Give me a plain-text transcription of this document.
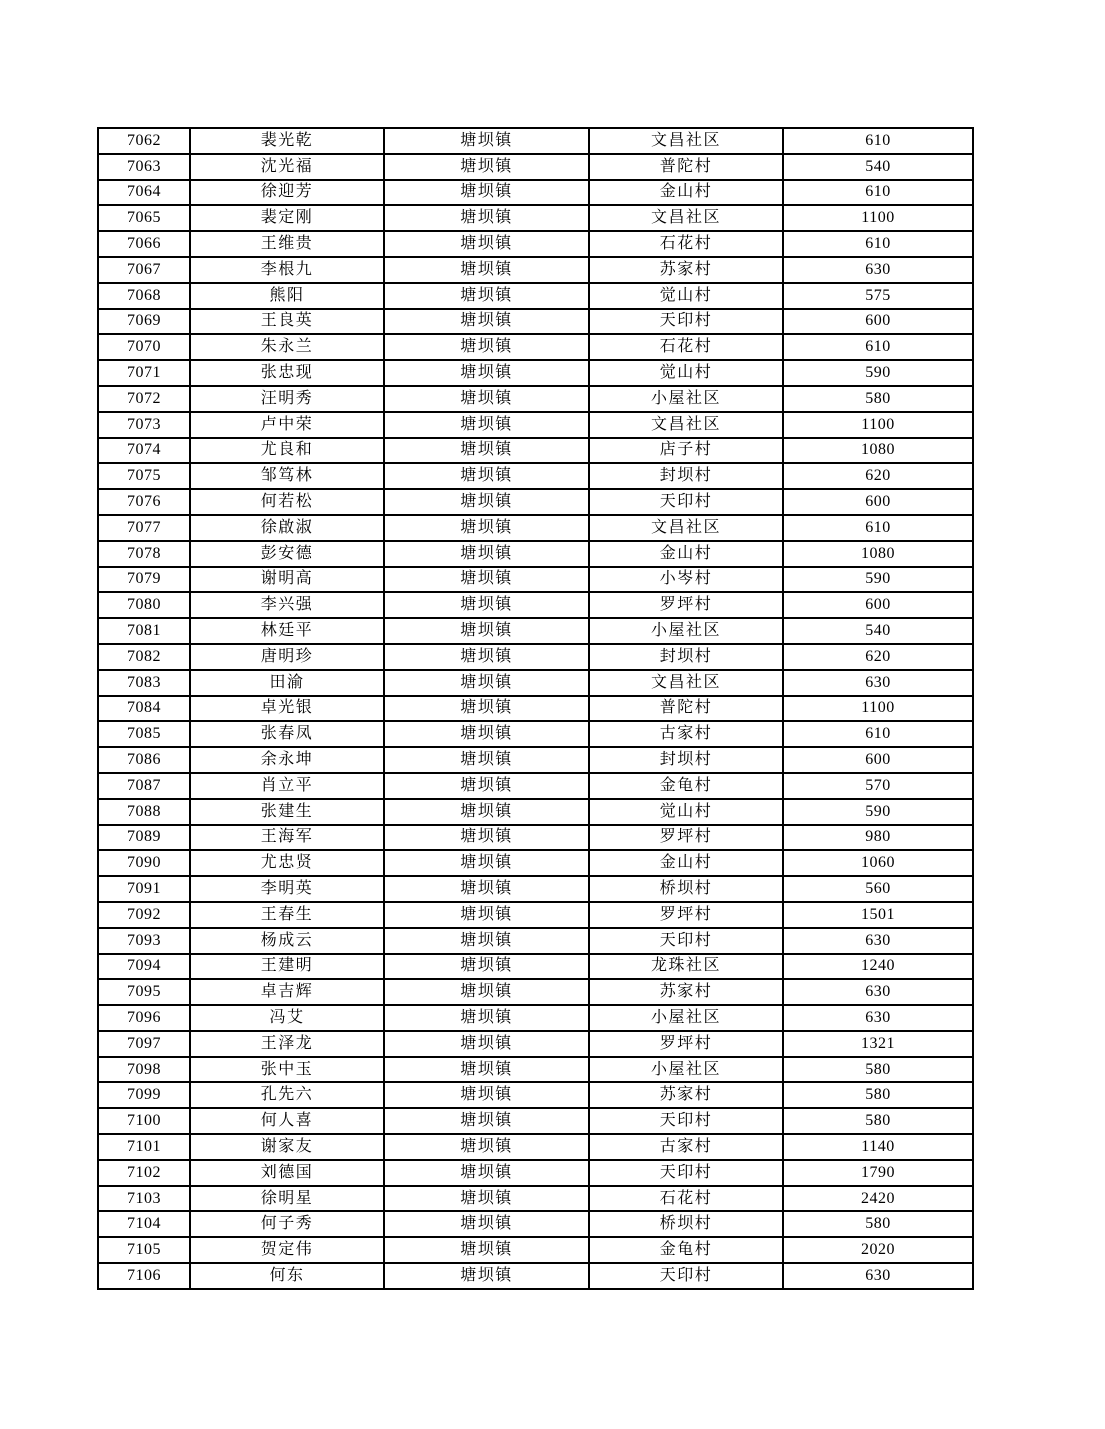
7062	裴光乾	塘坝镇	文昌社区	610
7063	沈光福	塘坝镇	普陀村	540
7064	徐迎芳	塘坝镇	金山村	610
7065	裴定刚	塘坝镇	文昌社区	1100
7066	王维贵	塘坝镇	石花村	610
7067	李根九	塘坝镇	苏家村	630
7068	熊阳	塘坝镇	觉山村	575
7069	王良英	塘坝镇	天印村	600
7070	朱永兰	塘坝镇	石花村	610
7071	张忠现	塘坝镇	觉山村	590
7072	汪明秀	塘坝镇	小屋社区	580
7073	卢中荣	塘坝镇	文昌社区	1100
7074	尤良和	塘坝镇	店子村	1080
7075	邹笃林	塘坝镇	封坝村	620
7076	何若松	塘坝镇	天印村	600
7077	徐啟淑	塘坝镇	文昌社区	610
7078	彭安德	塘坝镇	金山村	1080
7079	谢明高	塘坝镇	小岑村	590
7080	李兴强	塘坝镇	罗坪村	600
7081	林廷平	塘坝镇	小屋社区	540
7082	唐明珍	塘坝镇	封坝村	620
7083	田渝	塘坝镇	文昌社区	630
7084	卓光银	塘坝镇	普陀村	1100
7085	张春凤	塘坝镇	古家村	610
7086	余永坤	塘坝镇	封坝村	600
7087	肖立平	塘坝镇	金龟村	570
7088	张建生	塘坝镇	觉山村	590
7089	王海军	塘坝镇	罗坪村	980
7090	尤忠贤	塘坝镇	金山村	1060
7091	李明英	塘坝镇	桥坝村	560
7092	王春生	塘坝镇	罗坪村	1501
7093	杨成云	塘坝镇	天印村	630
7094	王建明	塘坝镇	龙珠社区	1240
7095	卓吉辉	塘坝镇	苏家村	630
7096	冯艾	塘坝镇	小屋社区	630
7097	王泽龙	塘坝镇	罗坪村	1321
7098	张中玉	塘坝镇	小屋社区	580
7099	孔先六	塘坝镇	苏家村	580
7100	何人喜	塘坝镇	天印村	580
7101	谢家友	塘坝镇	古家村	1140
7102	刘德国	塘坝镇	天印村	1790
7103	徐明星	塘坝镇	石花村	2420
7104	何子秀	塘坝镇	桥坝村	580
7105	贺定伟	塘坝镇	金龟村	2020
7106	何东	塘坝镇	天印村	630
